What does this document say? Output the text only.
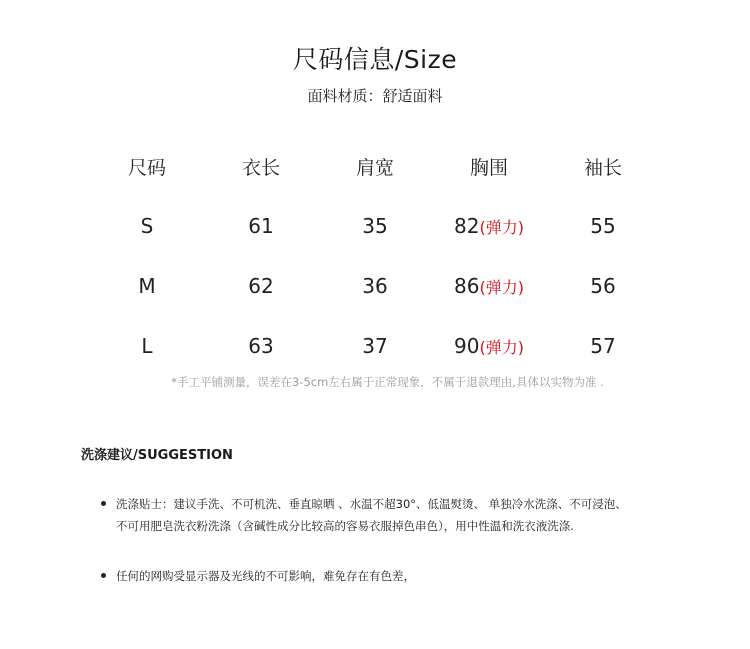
尺码信息/Size
面料材质：舒适面料
尺码	衣长	肩宽	胸围	袖长
S	61	35	82(弹力)	55
M	62	36	86(弹力)	56
L	63	37	90(弹力)	57
*手工平铺测量，误差在3-5cm左右属于正常现象，不属于退款理由,具体以实物为准 .
洗涤建议/SUGGESTION
洗涤贴士：建议手洗、不可机洗、垂直晾晒 、水温不超30°、低温熨烫、 单独冷水洗涤、不可浸泡、
不可用肥皂洗衣粉洗涤（含碱性成分比较高的容易衣服掉色串色），用中性温和洗衣液洗涤.
任何的网购受显示器及光线的不可影响，难免存在有色差，
